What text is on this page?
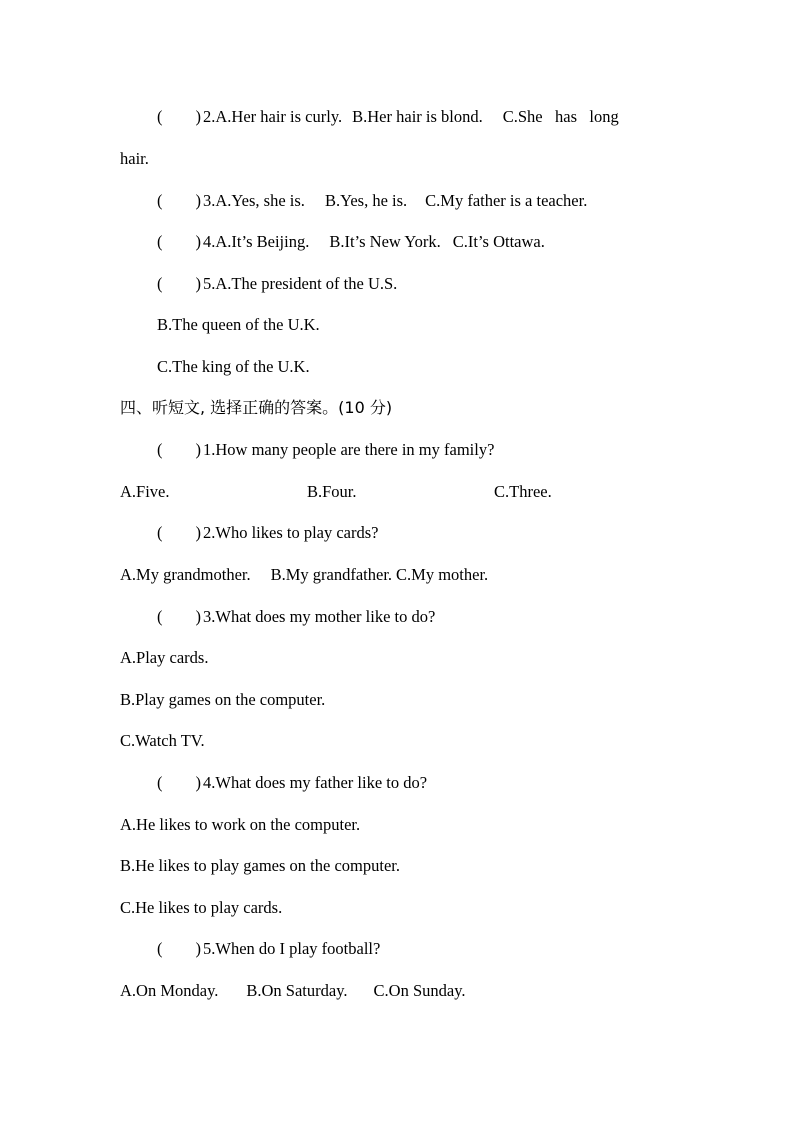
(        ) 2.A.Her hair is curly. B.Her hair is blond. C.She   has   long
hair.
(        ) 3.A.Yes, she is. B.Yes, he is. C.My father is a teacher.
(        ) 4.A.It’s Beijing. B.It’s New York. C.It’s Ottawa.
(        ) 5.A.The president of the U.S.
B.The queen of the U.K.
C.The king of the U.K.
四、听短文, 选择正确的答案。(10 分)
(        ) 1.How many people are there in my family?
A.Five.	B.Four.	C.Three.
(        ) 2.Who likes to play cards?
A.My grandmother. B.My grandfather. C.My mother.
(        ) 3.What does my mother like to do?
A.Play cards.
B.Play games on the computer.
C.Watch TV.
(        ) 4.What does my father like to do?
A.He likes to work on the computer.
B.He likes to play games on the computer.
C.He likes to play cards.
(        ) 5.When do I play football?
A.On Monday. B.On Saturday. C.On Sunday.
